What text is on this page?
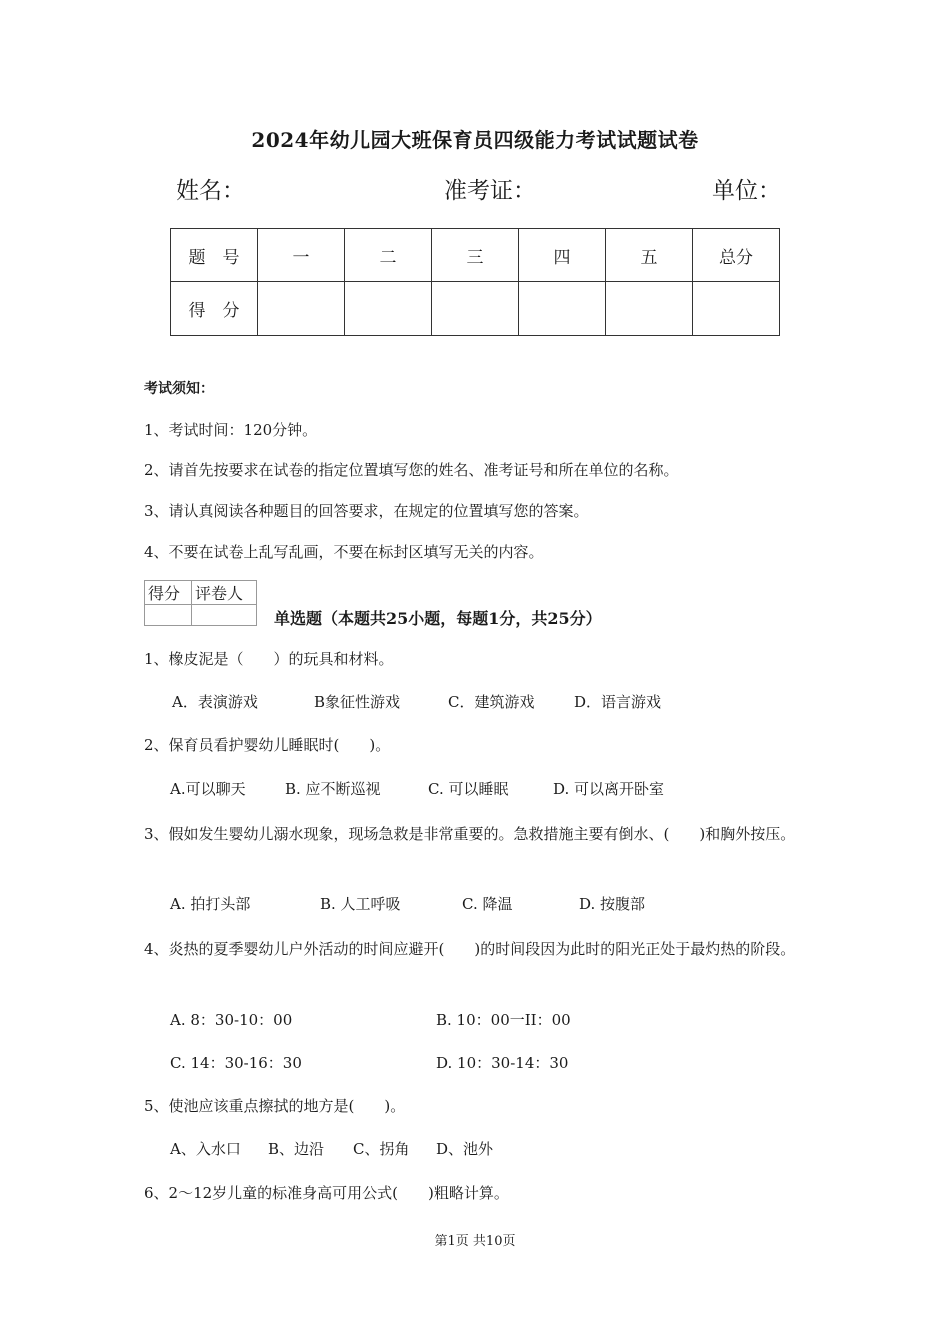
2024年幼儿园大班保育员四级能力考试试题试卷
姓名：	准考证：	单位：
题　号	一	二	三	四	五	总分
得　分						
考试须知：
1、考试时间：120分钟。
2、请首先按要求在试卷的指定位置填写您的姓名、准考证号和所在单位的名称。
3、请认真阅读各种题目的回答要求，在规定的位置填写您的答案。
4、不要在试卷上乱写乱画，不要在标封区填写无关的内容。
得分	评卷人

单选题（本题共25小题，每题1分，共25分）
1、橡皮泥是（　　）的玩具和材料。
A．表演游戏	B象征性游戏	C．建筑游戏	D．语言游戏
2、保育员看护婴幼儿睡眠时(　　)。
A.可以聊天	B. 应不断巡视	C. 可以睡眠	D. 可以离开卧室
3、假如发生婴幼儿溺水现象，现场急救是非常重要的。急救措施主要有倒水、(　　)和胸外按压。
A. 拍打头部	B. 人工呼吸	C. 降温	D. 按腹部
4、炎热的夏季婴幼儿户外活动的时间应避开(　　)的时间段因为此时的阳光正处于最灼热的阶段。
A. 8：30-10：00	B. 10：00一II：00
C. 14：30-16：30	D. 10：30-14：30
5、使池应该重点擦拭的地方是(　　)。
A、入水口 B、边沿 C、拐角 D、池外
6、2～12岁儿童的标准身高可用公式(　　)粗略计算。
第1页 共10页
